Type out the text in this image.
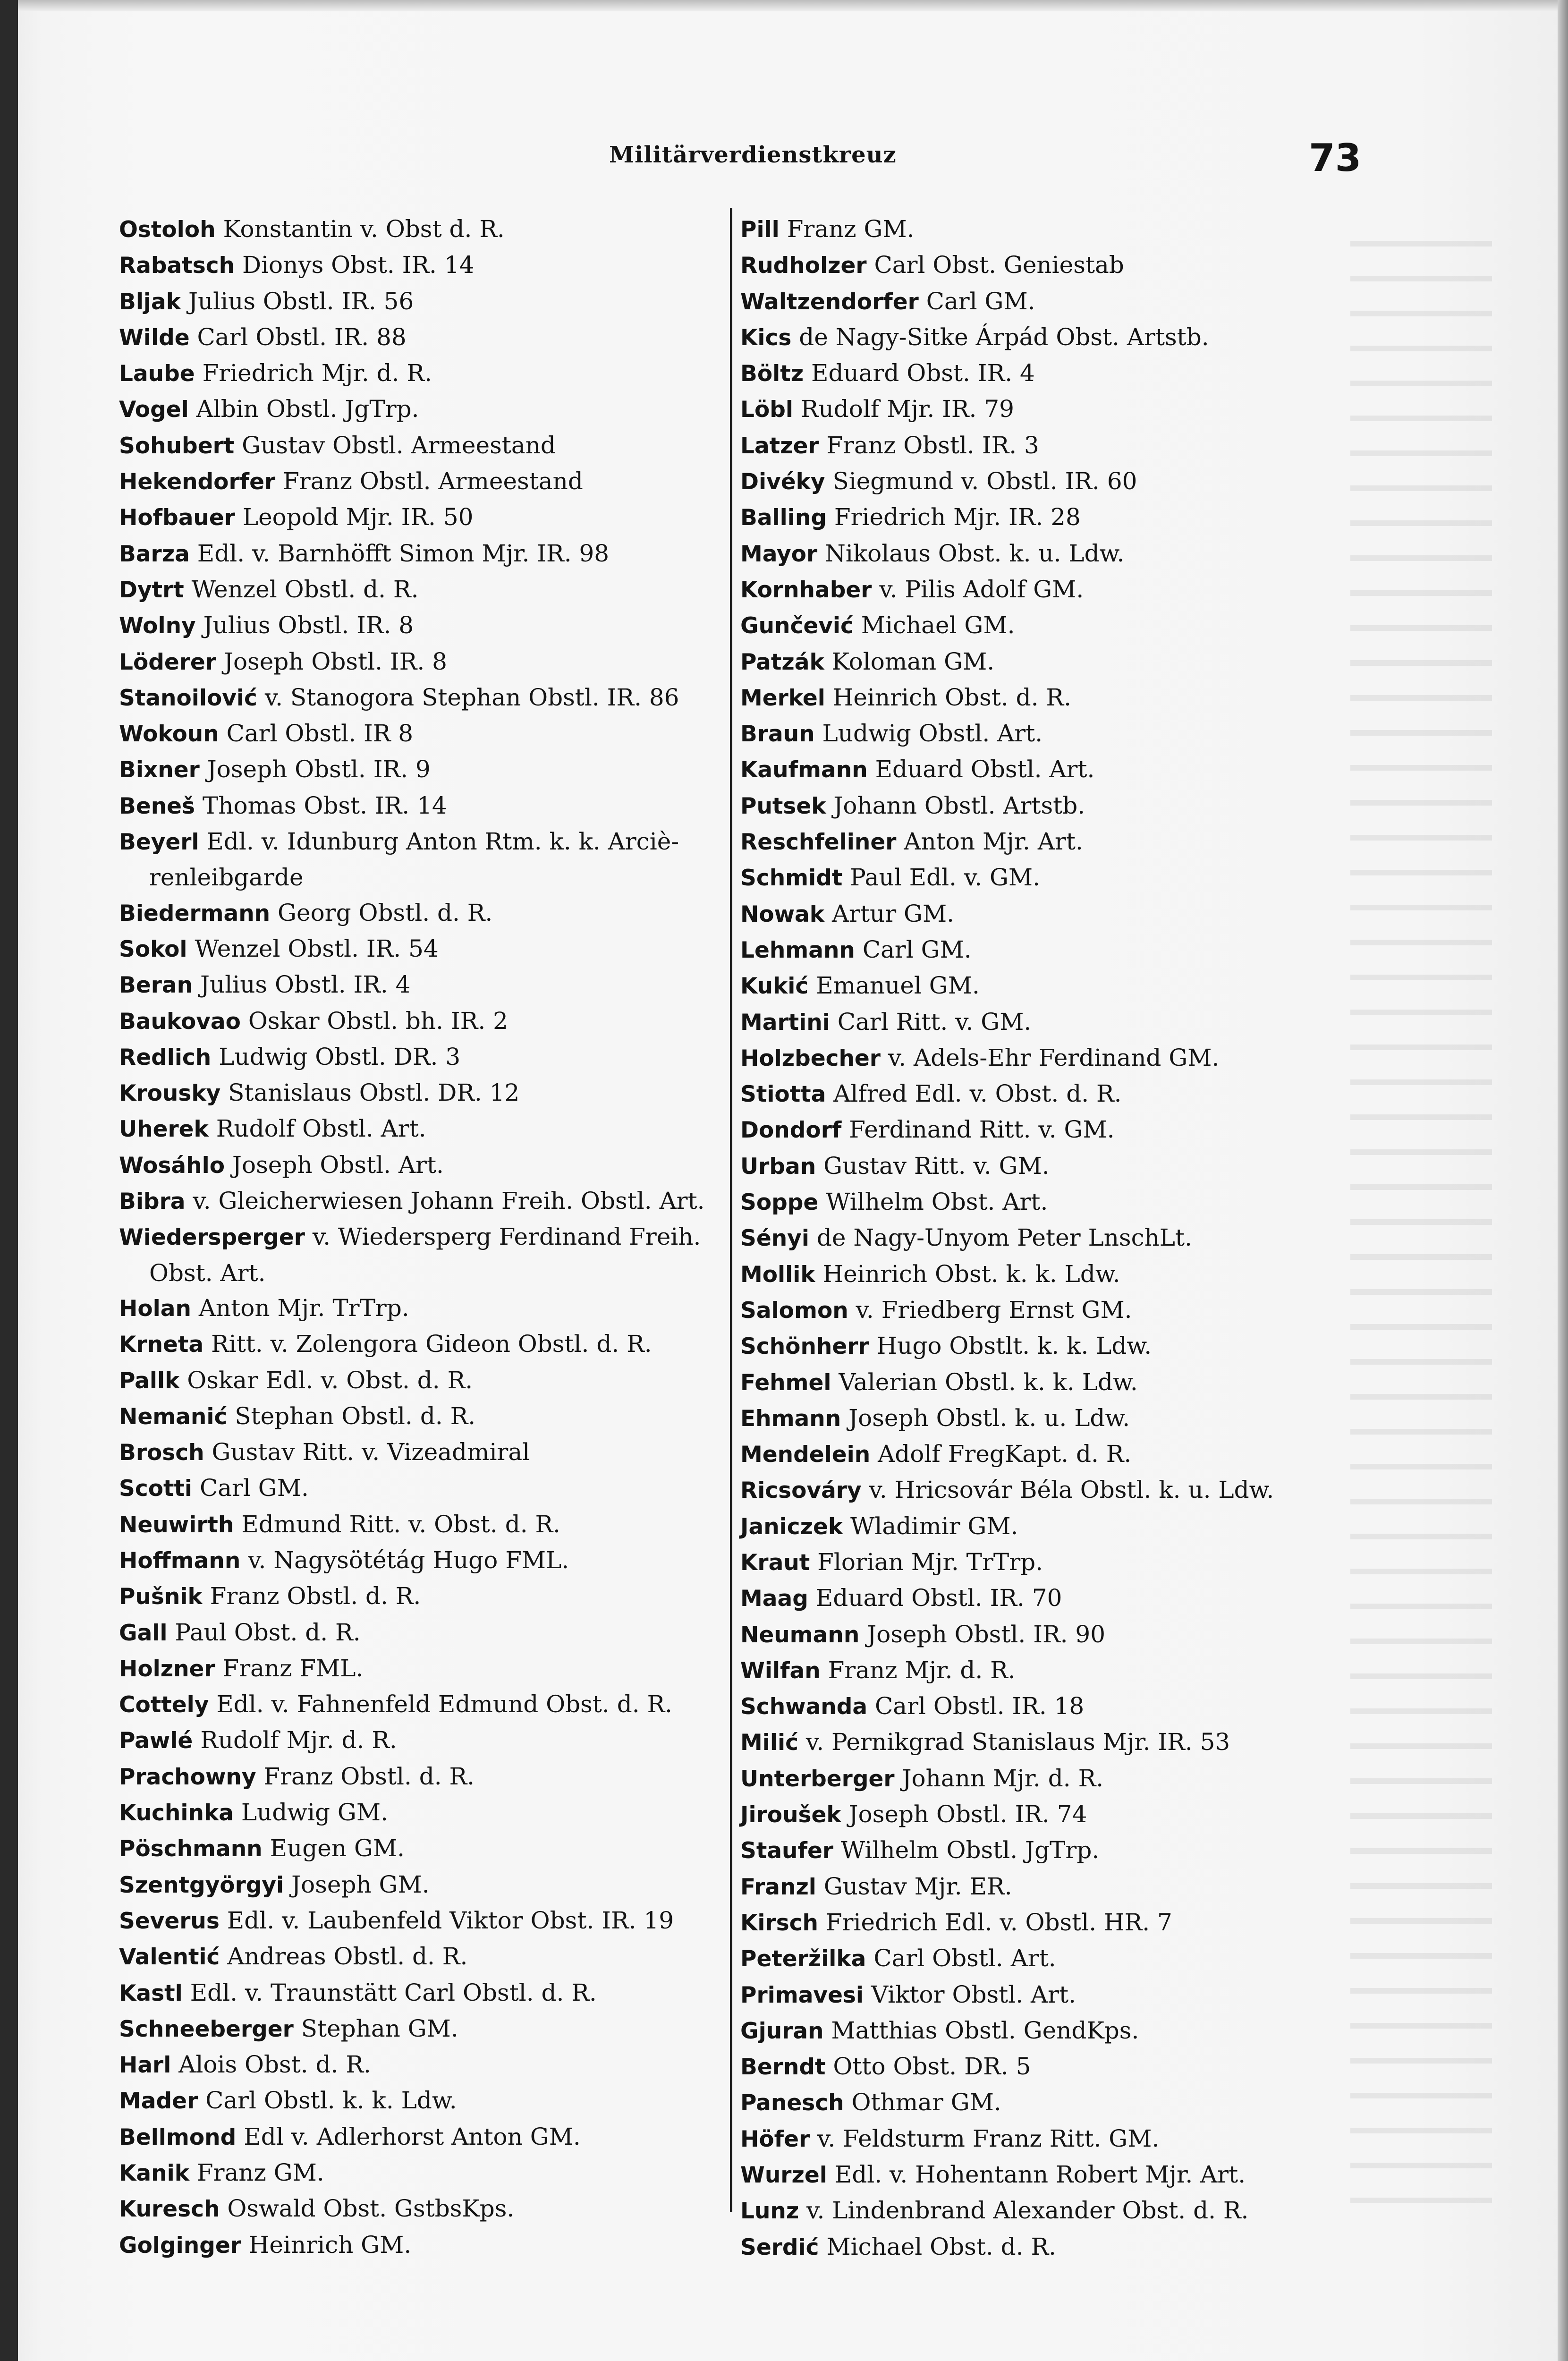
Militärverdienstkreuz	73
Ostoloh Konstantin v. Obst d. R.
Rabatsch Dionys Obst. IR. 14
Bljak Julius Obstl. IR. 56
Wilde Carl Obstl. IR. 88
Laube Friedrich Mjr. d. R.
Vogel Albin Obstl. JgTrp.
Sohubert Gustav Obstl. Armeestand
Hekendorfer Franz Obstl. Armeestand
Hofbauer Leopold Mjr. IR. 50
Barza Edl. v. Barnhöfft Simon Mjr. IR. 98
Dytrt Wenzel Obstl. d. R.
Wolny Julius Obstl. IR. 8
Löderer Joseph Obstl. IR. 8
Stanoilović v. Stanogora Stephan Obstl. IR. 86
Wokoun Carl Obstl. IR 8
Bixner Joseph Obstl. IR. 9
Beneš Thomas Obst. IR. 14
Beyerl Edl. v. Idunburg Anton Rtm. k. k. Arciè-
renleibgarde
Biedermann Georg Obstl. d. R.
Sokol Wenzel Obstl. IR. 54
Beran Julius Obstl. IR. 4
Baukovao Oskar Obstl. bh. IR. 2
Redlich Ludwig Obstl. DR. 3
Krousky Stanislaus Obstl. DR. 12
Uherek Rudolf Obstl. Art.
Wosáhlo Joseph Obstl. Art.
Bibra v. Gleicherwiesen Johann Freih. Obstl. Art.
Wiedersperger v. Wiedersperg Ferdinand Freih.
Obst. Art.
Holan Anton Mjr. TrTrp.
Krneta Ritt. v. Zolengora Gideon Obstl. d. R.
Pallk Oskar Edl. v. Obst. d. R.
Nemanić Stephan Obstl. d. R.
Brosch Gustav Ritt. v. Vizeadmiral
Scotti Carl GM.
Neuwirth Edmund Ritt. v. Obst. d. R.
Hoffmann v. Nagysötétág Hugo FML.
Pušnik Franz Obstl. d. R.
Gall Paul Obst. d. R.
Holzner Franz FML.
Cottely Edl. v. Fahnenfeld Edmund Obst. d. R.
Pawlé Rudolf Mjr. d. R.
Prachowny Franz Obstl. d. R.
Kuchinka Ludwig GM.
Pöschmann Eugen GM.
Szentgyörgyi Joseph GM.
Severus Edl. v. Laubenfeld Viktor Obst. IR. 19
Valentić Andreas Obstl. d. R.
Kastl Edl. v. Traunstätt Carl Obstl. d. R.
Schneeberger Stephan GM.
Harl Alois Obst. d. R.
Mader Carl Obstl. k. k. Ldw.
Bellmond Edl v. Adlerhorst Anton GM.
Kanik Franz GM.
Kuresch Oswald Obst. GstbsKps.
Golginger Heinrich GM.
Pill Franz GM.
Rudholzer Carl Obst. Geniestab
Waltzendorfer Carl GM.
Kics de Nagy-Sitke Árpád Obst. Artstb.
Böltz Eduard Obst. IR. 4
Löbl Rudolf Mjr. IR. 79
Latzer Franz Obstl. IR. 3
Divéky Siegmund v. Obstl. IR. 60
Balling Friedrich Mjr. IR. 28
Mayor Nikolaus Obst. k. u. Ldw.
Kornhaber v. Pilis Adolf GM.
Gunčević Michael GM.
Patzák Koloman GM.
Merkel Heinrich Obst. d. R.
Braun Ludwig Obstl. Art.
Kaufmann Eduard Obstl. Art.
Putsek Johann Obstl. Artstb.
Reschfeliner Anton Mjr. Art.
Schmidt Paul Edl. v. GM.
Nowak Artur GM.
Lehmann Carl GM.
Kukić Emanuel GM.
Martini Carl Ritt. v. GM.
Holzbecher v. Adels-Ehr Ferdinand GM.
Stiotta Alfred Edl. v. Obst. d. R.
Dondorf Ferdinand Ritt. v. GM.
Urban Gustav Ritt. v. GM.
Soppe Wilhelm Obst. Art.
Sényi de Nagy-Unyom Peter LnschLt.
Mollik Heinrich Obst. k. k. Ldw.
Salomon v. Friedberg Ernst GM.
Schönherr Hugo Obstlt. k. k. Ldw.
Fehmel Valerian Obstl. k. k. Ldw.
Ehmann Joseph Obstl. k. u. Ldw.
Mendelein Adolf FregKapt. d. R.
Ricsováry v. Hricsovár Béla Obstl. k. u. Ldw.
Janiczek Wladimir GM.
Kraut Florian Mjr. TrTrp.
Maag Eduard Obstl. IR. 70
Neumann Joseph Obstl. IR. 90
Wilfan Franz Mjr. d. R.
Schwanda Carl Obstl. IR. 18
Milić v. Pernikgrad Stanislaus Mjr. IR. 53
Unterberger Johann Mjr. d. R.
Jiroušek Joseph Obstl. IR. 74
Staufer Wilhelm Obstl. JgTrp.
Franzl Gustav Mjr. ER.
Kirsch Friedrich Edl. v. Obstl. HR. 7
Peteržilka Carl Obstl. Art.
Primavesi Viktor Obstl. Art.
Gjuran Matthias Obstl. GendKps.
Berndt Otto Obst. DR. 5
Panesch Othmar GM.
Höfer v. Feldsturm Franz Ritt. GM.
Wurzel Edl. v. Hohentann Robert Mjr. Art.
Lunz v. Lindenbrand Alexander Obst. d. R.
Serdić Michael Obst. d. R.
